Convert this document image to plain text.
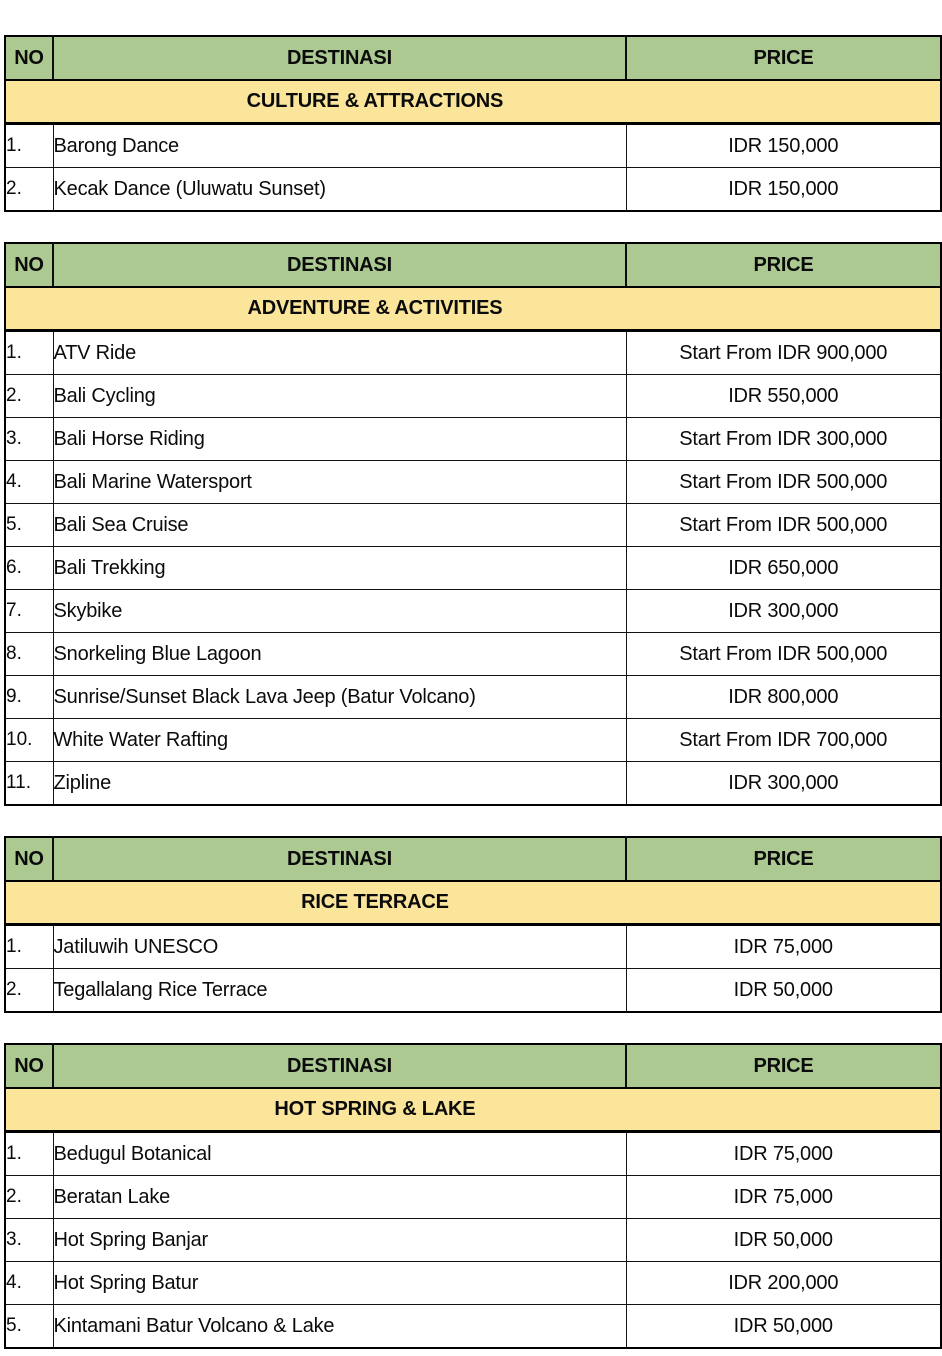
NO	DESTINASI	PRICE

CULTURE & ATTRACTIONS		

1.	Barong Dance	IDR 150,000
2.	Kecak Dance (Uluwatu Sunset)	IDR 150,000
NO	DESTINASI	PRICE

ADVENTURE & ACTIVITIES		

1.	ATV Ride	Start From IDR 900,000
2.	Bali Cycling	IDR 550,000
3.	Bali Horse Riding	Start From IDR 300,000
4.	Bali Marine Watersport	Start From IDR 500,000
5.	Bali Sea Cruise	Start From IDR 500,000
6.	Bali Trekking	IDR 650,000
7.	Skybike	IDR 300,000
8.	Snorkeling Blue Lagoon	Start From IDR 500,000
9.	Sunrise/Sunset Black Lava Jeep (Batur Volcano)	IDR 800,000
10.	White Water Rafting	Start From IDR 700,000
11.	Zipline	IDR 300,000
NO	DESTINASI	PRICE

RICE TERRACE		

1.	Jatiluwih UNESCO	IDR 75,000
2.	Tegallalang Rice Terrace	IDR 50,000
NO	DESTINASI	PRICE

HOT SPRING & LAKE		

1.	Bedugul Botanical	IDR 75,000
2.	Beratan Lake	IDR 75,000
3.	Hot Spring Banjar	IDR 50,000
4.	Hot Spring Batur	IDR 200,000
5.	Kintamani Batur Volcano & Lake	IDR 50,000
